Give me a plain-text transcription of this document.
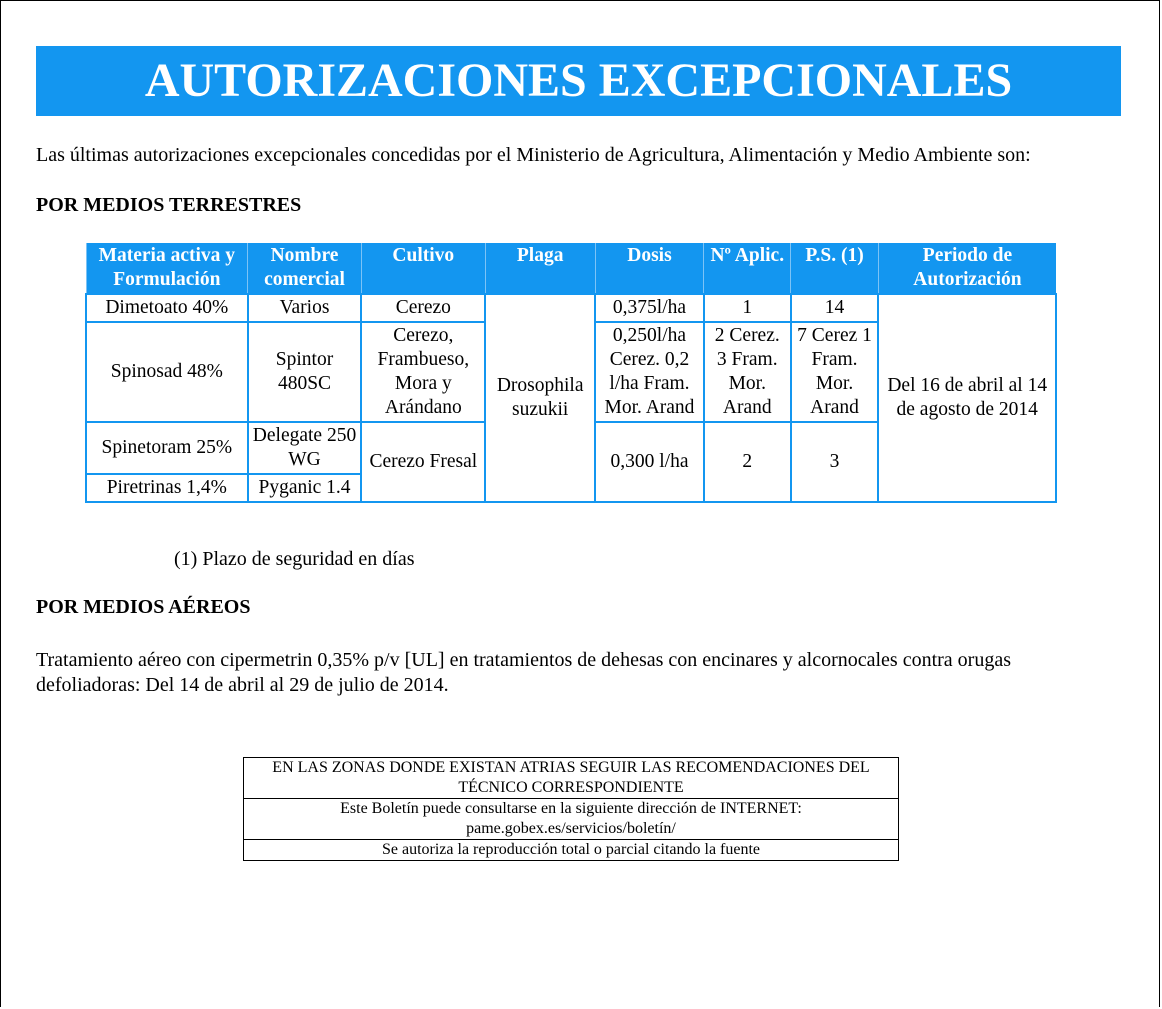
AUTORIZACIONES EXCEPCIONALES
Las últimas autorizaciones excepcionales concedidas por el Ministerio de Agricultura, Alimentación y Medio Ambiente son:
POR MEDIOS TERRESTRES
Materia activa y Formulación	Nombre comercial	Cultivo	Plaga	Dosis	Nº Aplic.	P.S. (1)	Periodo de Autorización
Dimetoato 40%	Varios	Cerezo	Drosophila suzukii	0,375l/ha	1	14	Del 16 de abril al 14 de agosto de 2014
Spinosad 48%	Spintor 480SC	Cerezo, Frambueso, Mora y Arándano		0,250l/ha Cerez. 0,2 l/ha Fram. Mor. Arand	2 Cerez. 3 Fram. Mor. Arand	7 Cerez 1 Fram. Mor. Arand	
Spinetoram 25%	Delegate 250 WG	Cerezo Fresal		0,300 l/ha	2	3	
Piretrinas 1,4%	Pyganic 1.4						
(1) Plazo de seguridad en días
POR MEDIOS AÉREOS
Tratamiento aéreo con cipermetrin 0,35% p/v [UL] en tratamientos de dehesas con encinares y alcornocales contra orugas defoliadoras: Del 14 de abril al 29 de julio de 2014.
EN LAS ZONAS DONDE EXISTAN ATRIAS SEGUIR LAS RECOMENDACIONES DEL TÉCNICO CORRESPONDIENTE
Este Boletín puede consultarse en la siguiente dirección de INTERNET: pame.gobex.es/servicios/boletín/
Se autoriza la reproducción total o parcial citando la fuente
